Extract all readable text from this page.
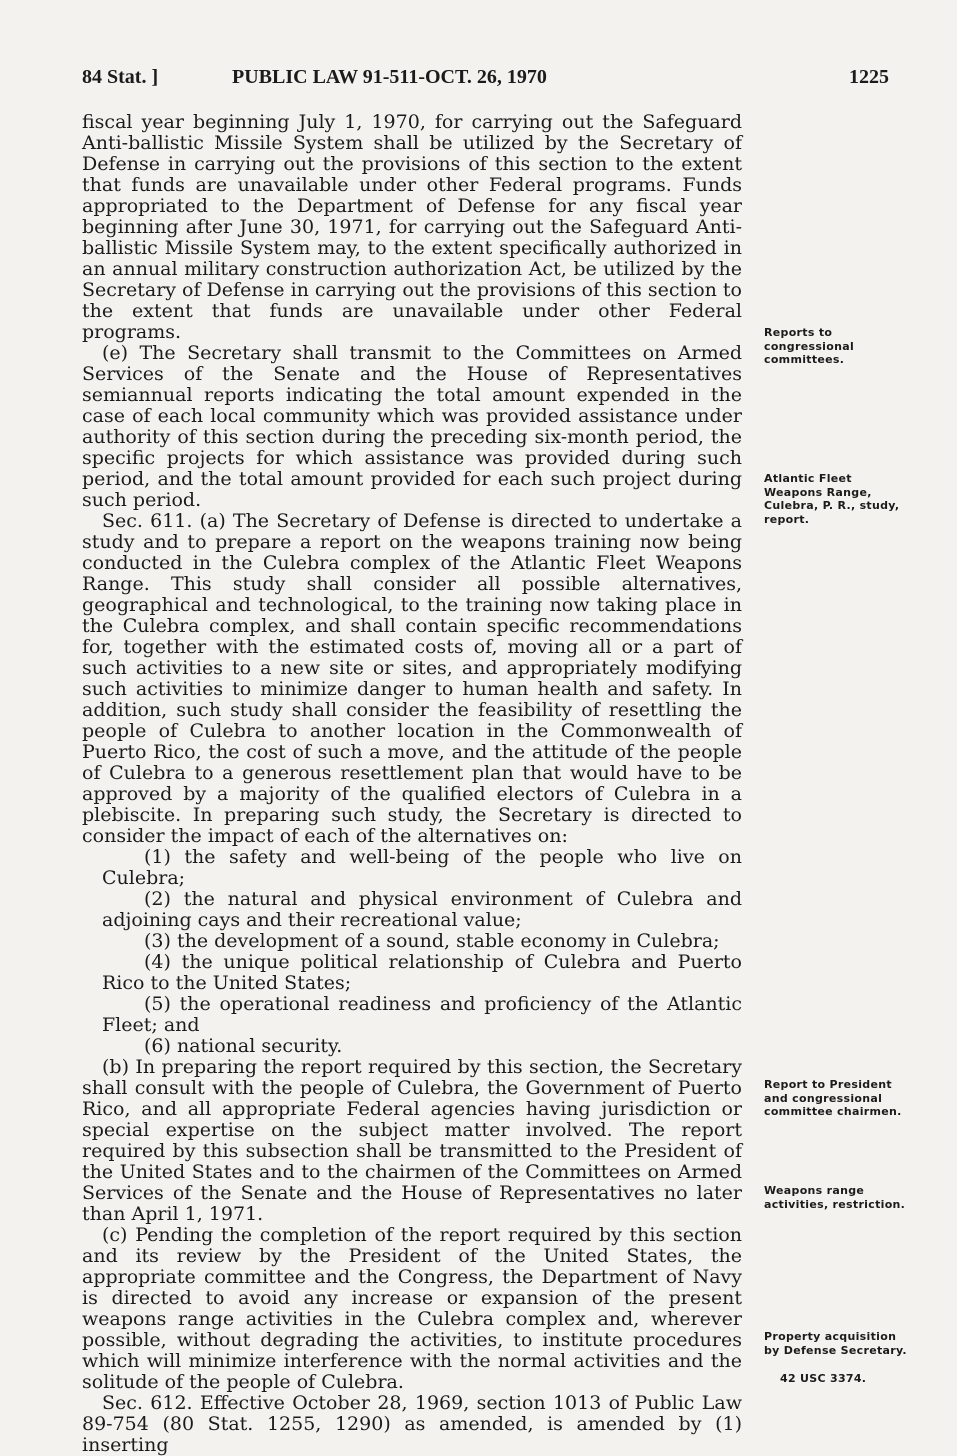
84 Stat. ]	PUBLIC LAW 91-511-OCT. 26, 1970	1225

fiscal year beginning July 1, 1970, for carrying out the Safeguard Anti-ballistic Missile System shall be utilized by the Secretary of Defense in carrying out the provisions of this section to the extent that funds are unavailable under other Federal programs. Funds appropriated to the Department of Defense for any fiscal year beginning after June 30, 1971, for carrying out the Safeguard Anti-ballistic Missile System may, to the extent specifically authorized in an annual military construction authorization Act, be utilized by the Secretary of Defense in carrying out the provisions of this section to the extent that funds are unavailable under other Federal programs.

(e) The Secretary shall transmit to the Committees on Armed Services of the Senate and the House of Representatives semiannual reports indicating the total amount expended in the case of each local community which was provided assistance under authority of this section during the preceding six-month period, the specific projects for which assistance was provided during such period, and the total amount provided for each such project during such period.

Sec. 611. (a) The Secretary of Defense is directed to undertake a study and to prepare a report on the weapons training now being conducted in the Culebra complex of the Atlantic Fleet Weapons Range. This study shall consider all possible alternatives, geographical and technological, to the training now taking place in the Culebra complex, and shall contain specific recommendations for, together with the estimated costs of, moving all or a part of such activities to a new site or sites, and appropriately modifying such activities to minimize danger to human health and safety. In addition, such study shall consider the feasibility of resettling the people of Culebra to another location in the Commonwealth of Puerto Rico, the cost of such a move, and the attitude of the people of Culebra to a generous resettlement plan that would have to be approved by a majority of the qualified electors of Culebra in a plebiscite. In preparing such study, the Secretary is directed to consider the impact of each of the alternatives on:

(1) the safety and well-being of the people who live on Culebra;

(2) the natural and physical environment of Culebra and adjoining cays and their recreational value;

(3) the development of a sound, stable economy in Culebra;

(4) the unique political relationship of Culebra and Puerto Rico to the United States;

(5) the operational readiness and proficiency of the Atlantic Fleet; and

(6) national security.

(b) In preparing the report required by this section, the Secretary shall consult with the people of Culebra, the Government of Puerto Rico, and all appropriate Federal agencies having jurisdiction or special expertise on the subject matter involved. The report required by this subsection shall be transmitted to the President of the United States and to the chairmen of the Committees on Armed Services of the Senate and the House of Representatives no later than April 1, 1971.

(c) Pending the completion of the report required by this section and its review by the President of the United States, the appropriate committee and the Congress, the Department of Navy is directed to avoid any increase or expansion of the present weapons range activities in the Culebra complex and, wherever possible, without degrading the activities, to institute procedures which will minimize interference with the normal activities and the solitude of the people of Culebra.

Sec. 612. Effective October 28, 1969, section 1013 of Public Law 89-754 (80 Stat. 1255, 1290) as amended, is amended by (1) inserting

Reports to congressional committees.
Atlantic Fleet Weapons Range, Culebra, P. R., study, report.
Report to President and congressional committee chairmen.
Weapons range activities, restriction.
Property acquisition by Defense Secretary.
42 USC 3374.
